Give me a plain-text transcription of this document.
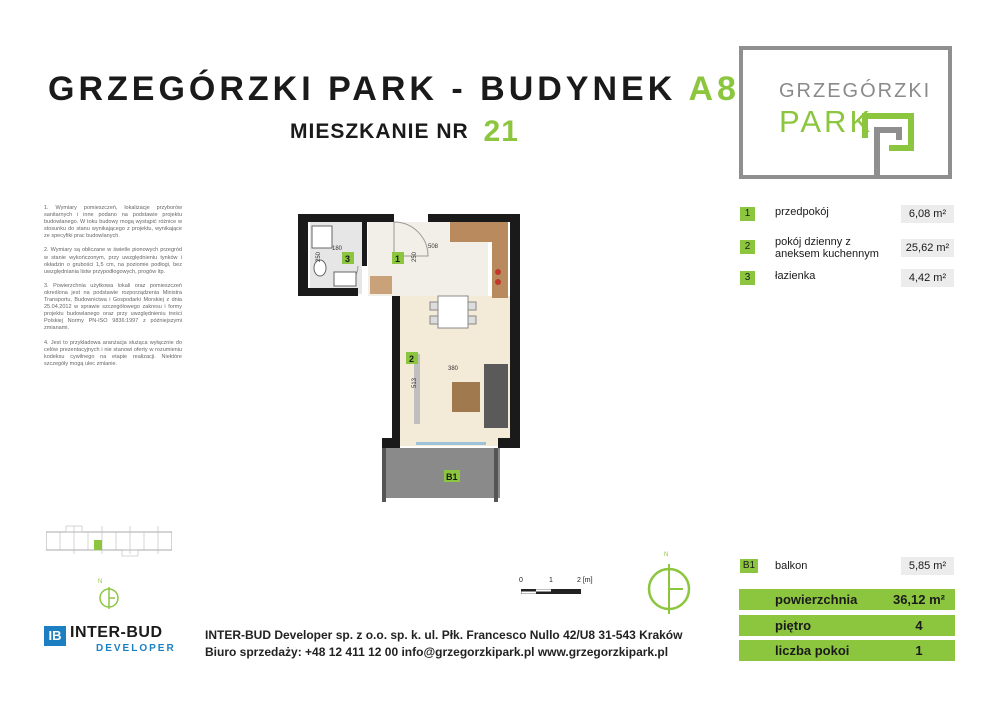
GRZEGÓRZKI PARK - BUDYNEK A8
MIESZKANIE NR 21
GRZEGÓRZKI
PARK

1. Wymiary pomieszczeń, lokalizacje przyborów sanitarnych i inne podano na podstawie projektu budowlanego. W toku budowy mogą wystąpić różnice w stosunku do stanu wynikającego z projektu, wynikające ze specyfiki prac budowlanych.

2. Wymiary są obliczane w świetle pionowych przegród w stanie wykończonym, przy uwzględnieniu tynków i okładzin o grubości 1,5 cm, na poziomie podłogi, bez uwzględniania listw przypodłogowych, progów itp.

3. Powierzchnia użytkowa lokali oraz pomieszczeń określona jest na podstawie rozporządzenia Ministra Transportu, Budownictwa i Gospodarki Morskiej z dnia 25.04.2012 w sprawie szczegółowego zakresu i formy projektu budowlanego oraz przy uwzględnieniu treści Polskiej Normy PN-ISO 9836:1997 z późniejszymi zmianami.

4. Jest to przykładowa aranżacja służąca wyłącznie do celów prezentacyjnych i nie stanowi oferty w rozumieniu kodeksu cywilnego na etapie realizacji. Niektóre szczegóły mogą ulec zmianie.

180
250	250
508
513
380
3	1
2
B1
N	0	1	2 [m]
N
1	przedpokój	6,08 m²
2	pokój dzienny z aneksem kuchennym	25,62 m²
3	łazienka	4,42 m²
B1 balkon	5,85 m²
powierzchnia	36,12 m²
piętro	4
liczba pokoi	1
IB INTER-BUD
DEVELOPER
INTER-BUD Developer sp. z o.o. sp. k. ul. Płk. Francesco Nullo 42/U8 31-543 Kraków
Biuro sprzedaży: +48 12 411 12 00 info@grzegorzkipark.pl www.grzegorzkipark.pl
